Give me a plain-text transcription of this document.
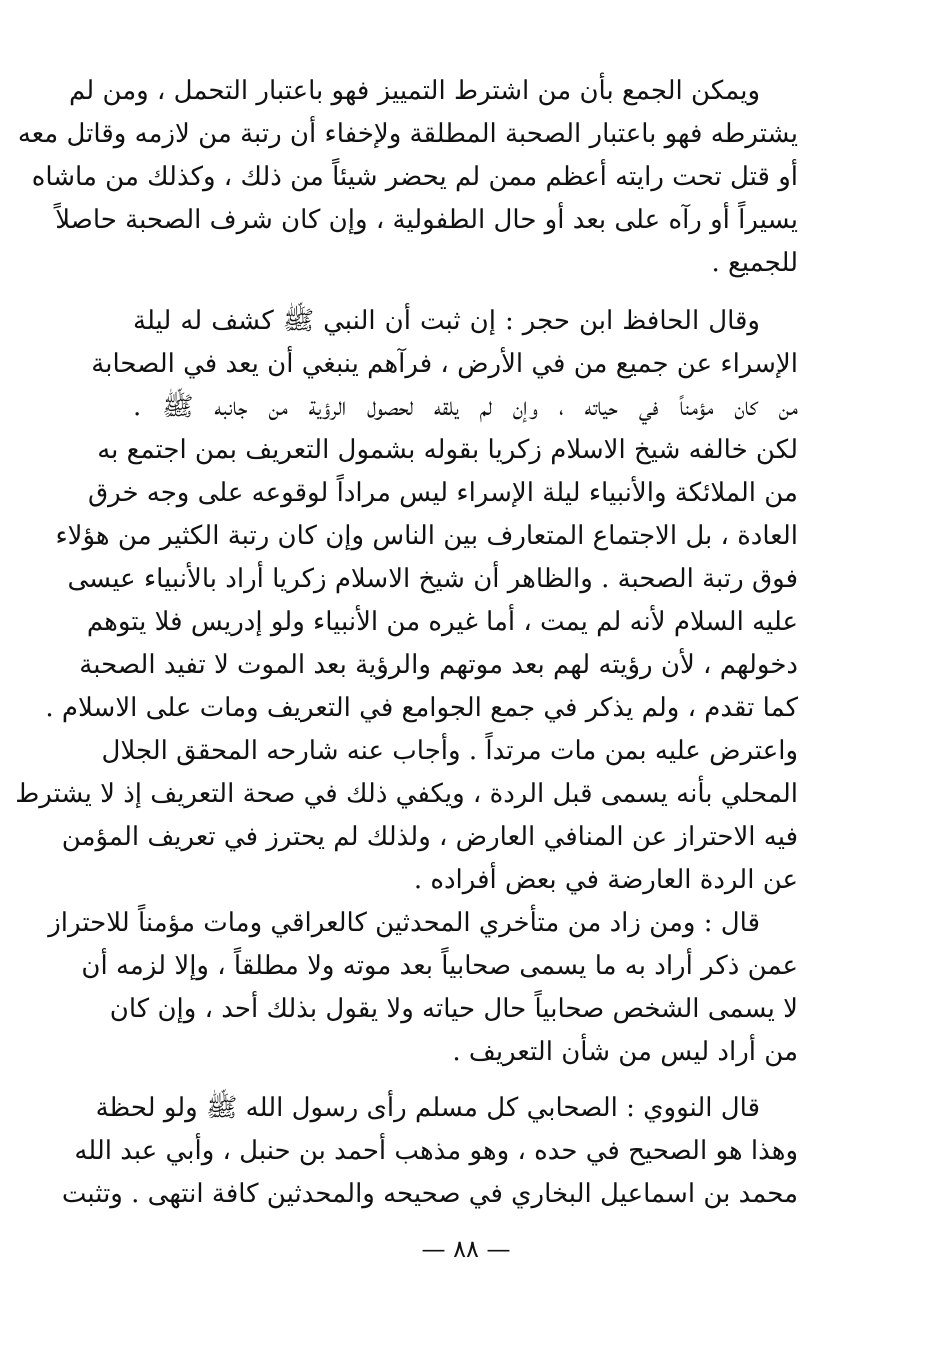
ويمكن الجمع بأن من اشترط التمييز فهو باعتبار التحمل ، ومن لم
يشترطه فهو باعتبار الصحبة المطلقة ولإخفاء أن رتبة من لازمه وقاتل معه
أو قتل تحت رايته أعظم ممن لم يحضر شيئاً من ذلك ، وكذلك من ماشاه
يسيراً أو رآه على بعد أو حال الطفولية ، وإن كان شرف الصحبة حاصلاً
للجميع .
وقال الحافظ ابن حجر : إن ثبت أن النبي ﷺ كشف له ليلة
الإسراء عن جميع من في الأرض ، فرآهم ينبغي أن يعد في الصحابة
من كان مؤمناً في حياته ، وإن لم يلقه لحصول الرؤية من جانبه ﷺ .
لكن خالفه شيخ الاسلام زكريا بقوله بشمول التعريف بمن اجتمع به
من الملائكة والأنبياء ليلة الإسراء ليس مراداً لوقوعه على وجه خرق
العادة ، بل الاجتماع المتعارف بين الناس وإن كان رتبة الكثير من هؤلاء
فوق رتبة الصحبة . والظاهر أن شيخ الاسلام زكريا أراد بالأنبياء عيسى
عليه السلام لأنه لم يمت ، أما غيره من الأنبياء ولو إدريس فلا يتوهم
دخولهم ، لأن رؤيته لهم بعد موتهم والرؤية بعد الموت لا تفيد الصحبة
كما تقدم ، ولم يذكر في جمع الجوامع في التعريف ومات على الاسلام .
واعترض عليه بمن مات مرتداً . وأجاب عنه شارحه المحقق الجلال
المحلي بأنه يسمى قبل الردة ، ويكفي ذلك في صحة التعريف إذ لا يشترط
فيه الاحتراز عن المنافي العارض ، ولذلك لم يحترز في تعريف المؤمن
عن الردة العارضة في بعض أفراده .
قال : ومن زاد من متأخري المحدثين كالعراقي ومات مؤمناً للاحتراز
عمن ذكر أراد به ما يسمى صحابياً بعد موته ولا مطلقاً ، وإلا لزمه أن
لا يسمى الشخص صحابياً حال حياته ولا يقول بذلك أحد ، وإن كان
من أراد ليس من شأن التعريف .
قال النووي : الصحابي كل مسلم رأى رسول الله ﷺ ولو لحظة
وهذا هو الصحيح في حده ، وهو مذهب أحمد بن حنبل ، وأبي عبد الله
محمد بن اسماعيل البخاري في صحيحه والمحدثين كافة انتهى . وتثبت
— ٨٨ —
